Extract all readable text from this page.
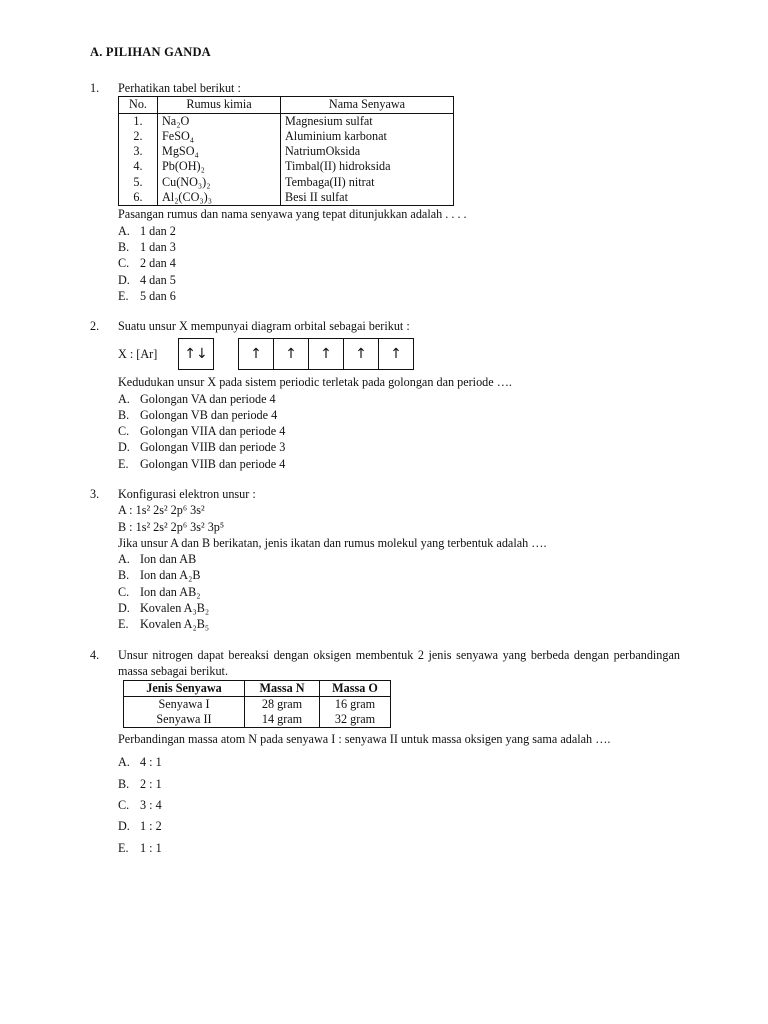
A. PILIHAN GANDA
1.	Perhatikan tabel berikut :
No.	Rumus kimia	Nama Senyawa
1.	Na₂O	Magnesium sulfat
2.	FeSO₄	Aluminium karbonat
3.	MgSO₄	NatriumOksida
4.	Pb(OH)₂	Timbal(II) hidroksida
5.	Cu(NO₃)₂	Tembaga(II) nitrat
6.	Al₂(CO₃)₃	Besi II sulfat
Pasangan rumus dan nama senyawa yang tepat ditunjukkan adalah . . . .
A. 1 dan 2
B. 1 dan 3
C. 2 dan 4
D. 4 dan 5
E. 5 dan 6
2.	Suatu unsur X mempunyai diagram orbital sebagai berikut :
X : [Ar]	↑↓	↑	↑	↑	↑	↑
Kedudukan unsur X pada sistem periodic terletak pada golongan dan periode ….
A. Golongan VA dan periode 4
B. Golongan VB dan periode 4
C. Golongan VIIA dan periode 4
D. Golongan VIIB dan periode 3
E. Golongan VIIB dan periode 4
3.	Konfigurasi elektron unsur :
A : 1s² 2s² 2p⁶ 3s²
B : 1s² 2s² 2p⁶ 3s² 3p⁵
Jika unsur A dan B berikatan, jenis ikatan dan rumus molekul yang terbentuk adalah ….
A. Ion dan AB
B. Ion dan A₂B
C. Ion dan AB₂
D. Kovalen A₃B₂
E. Kovalen A₂B₅
4.	Unsur nitrogen dapat bereaksi dengan oksigen membentuk 2 jenis senyawa yang berbeda dengan perbandingan massa sebagai berikut.
Jenis Senyawa	Massa N	Massa O
Senyawa I	28 gram	16 gram
Senyawa II	14 gram	32 gram
Perbandingan massa atom N pada senyawa I : senyawa II untuk massa oksigen yang sama adalah ….
A. 4 : 1
B. 2 : 1
C. 3 : 4
D. 1 : 2
E. 1 : 1
